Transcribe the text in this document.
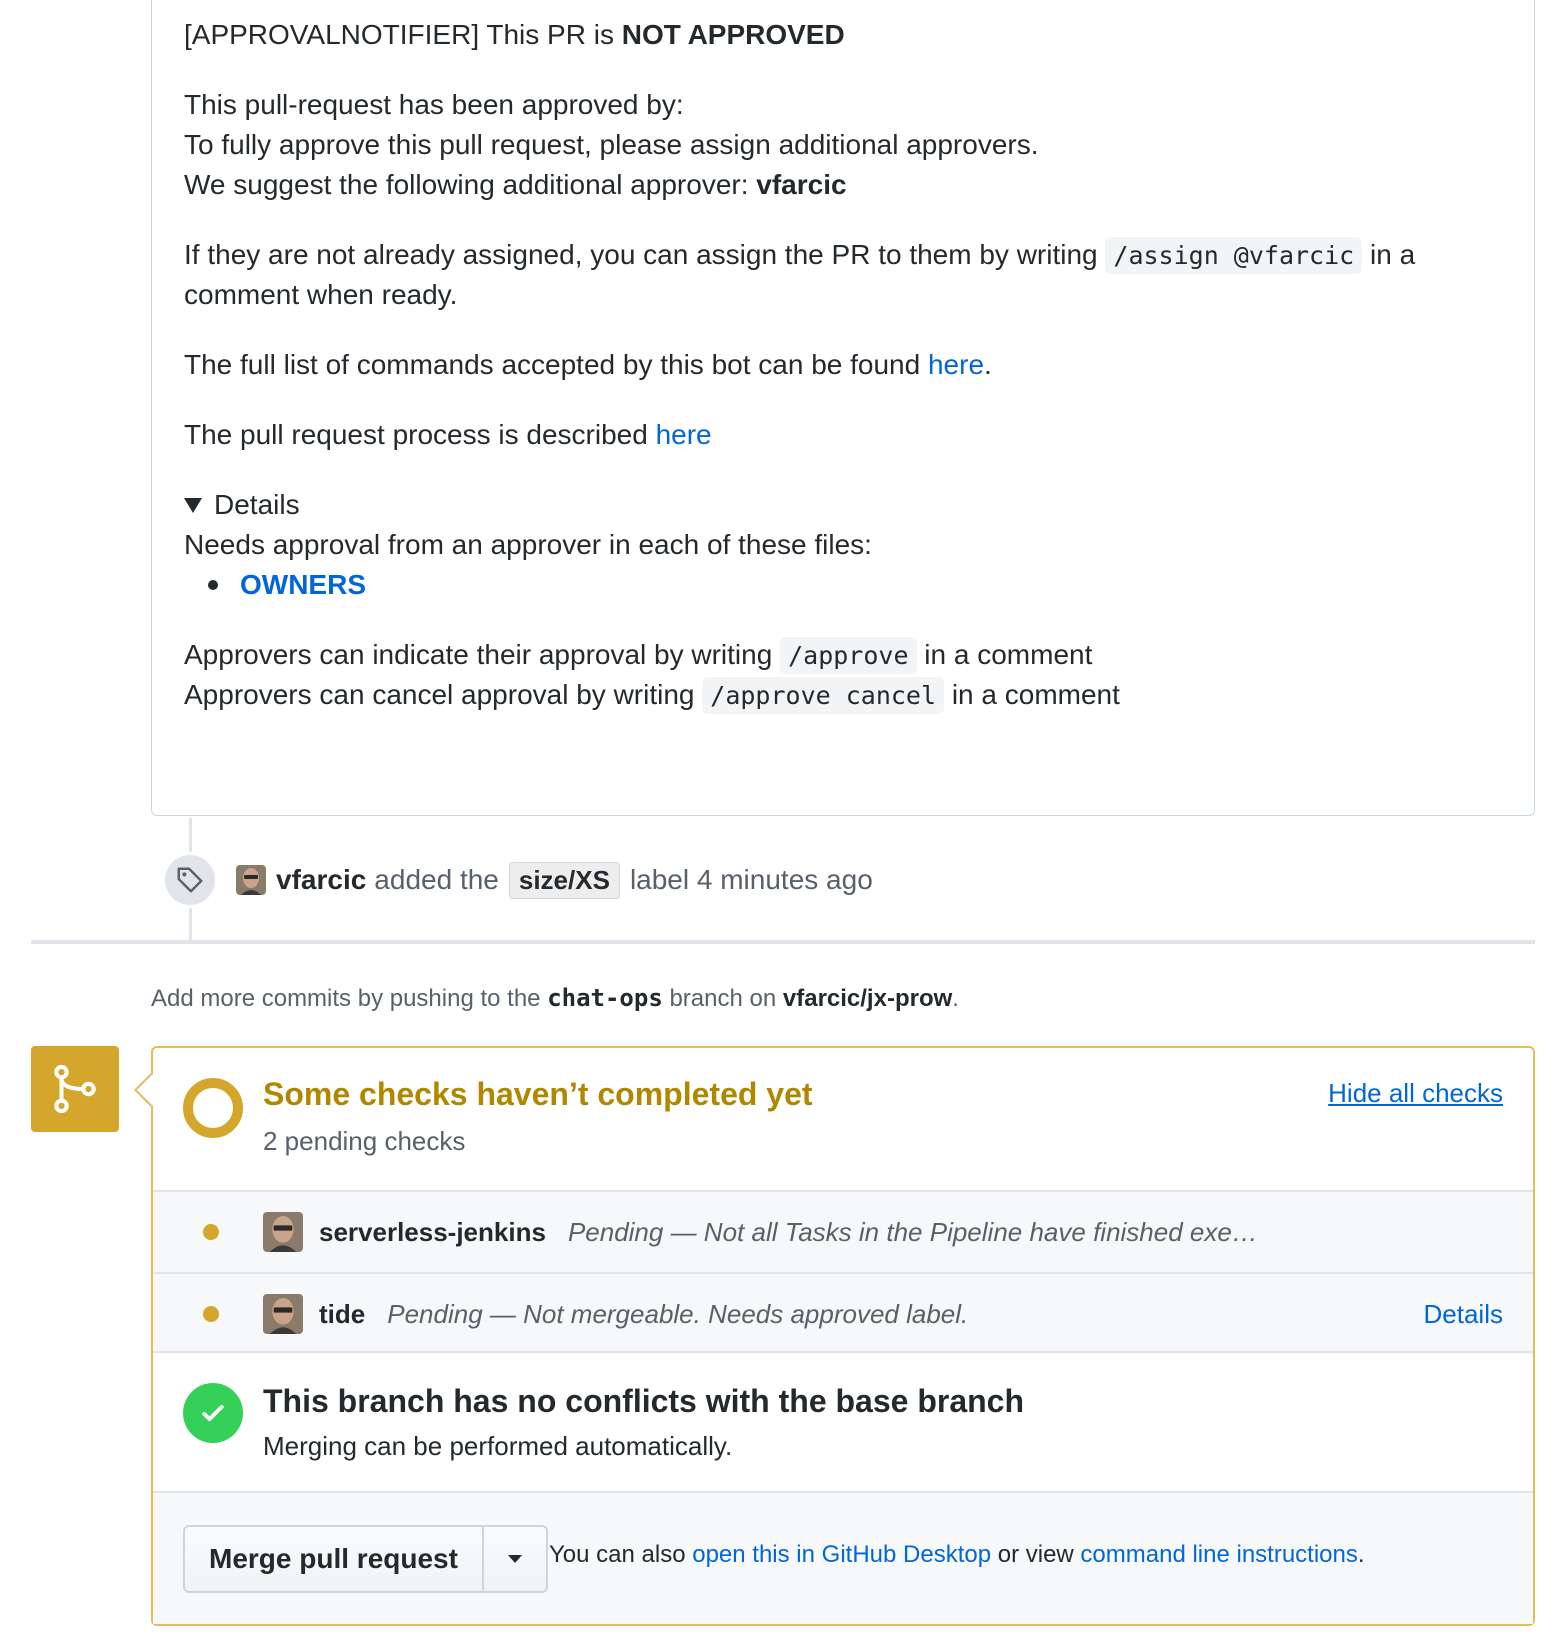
[APPROVALNOTIFIER] This PR is NOT APPROVED
This pull-request has been approved by:
To fully approve this pull request, please assign additional approvers.
We suggest the following additional approver: vfarcic
If they are not already assigned, you can assign the PR to them by writing /assign @vfarcic in a
comment when ready.
The full list of commands accepted by this bot can be found here.
The pull request process is described here
Details
Needs approval from an approver in each of these files:
OWNERS
Approvers can indicate their approval by writing /approve in a comment
Approvers can cancel approval by writing /approve cancel in a comment
vfarcic added the size/XS label 4 minutes ago
Add more commits by pushing to the chat-ops branch on vfarcic/jx-prow.
Some checks haven’t completed yet
2 pending checks
Hide all checks
serverless-jenkins Pending — Not all Tasks in the Pipeline have finished exe…
tide Pending — Not mergeable. Needs approved label.	Details
This branch has no conflicts with the base branch
Merging can be performed automatically.
Merge pull request	You can also open this in GitHub Desktop or view command line instructions.
